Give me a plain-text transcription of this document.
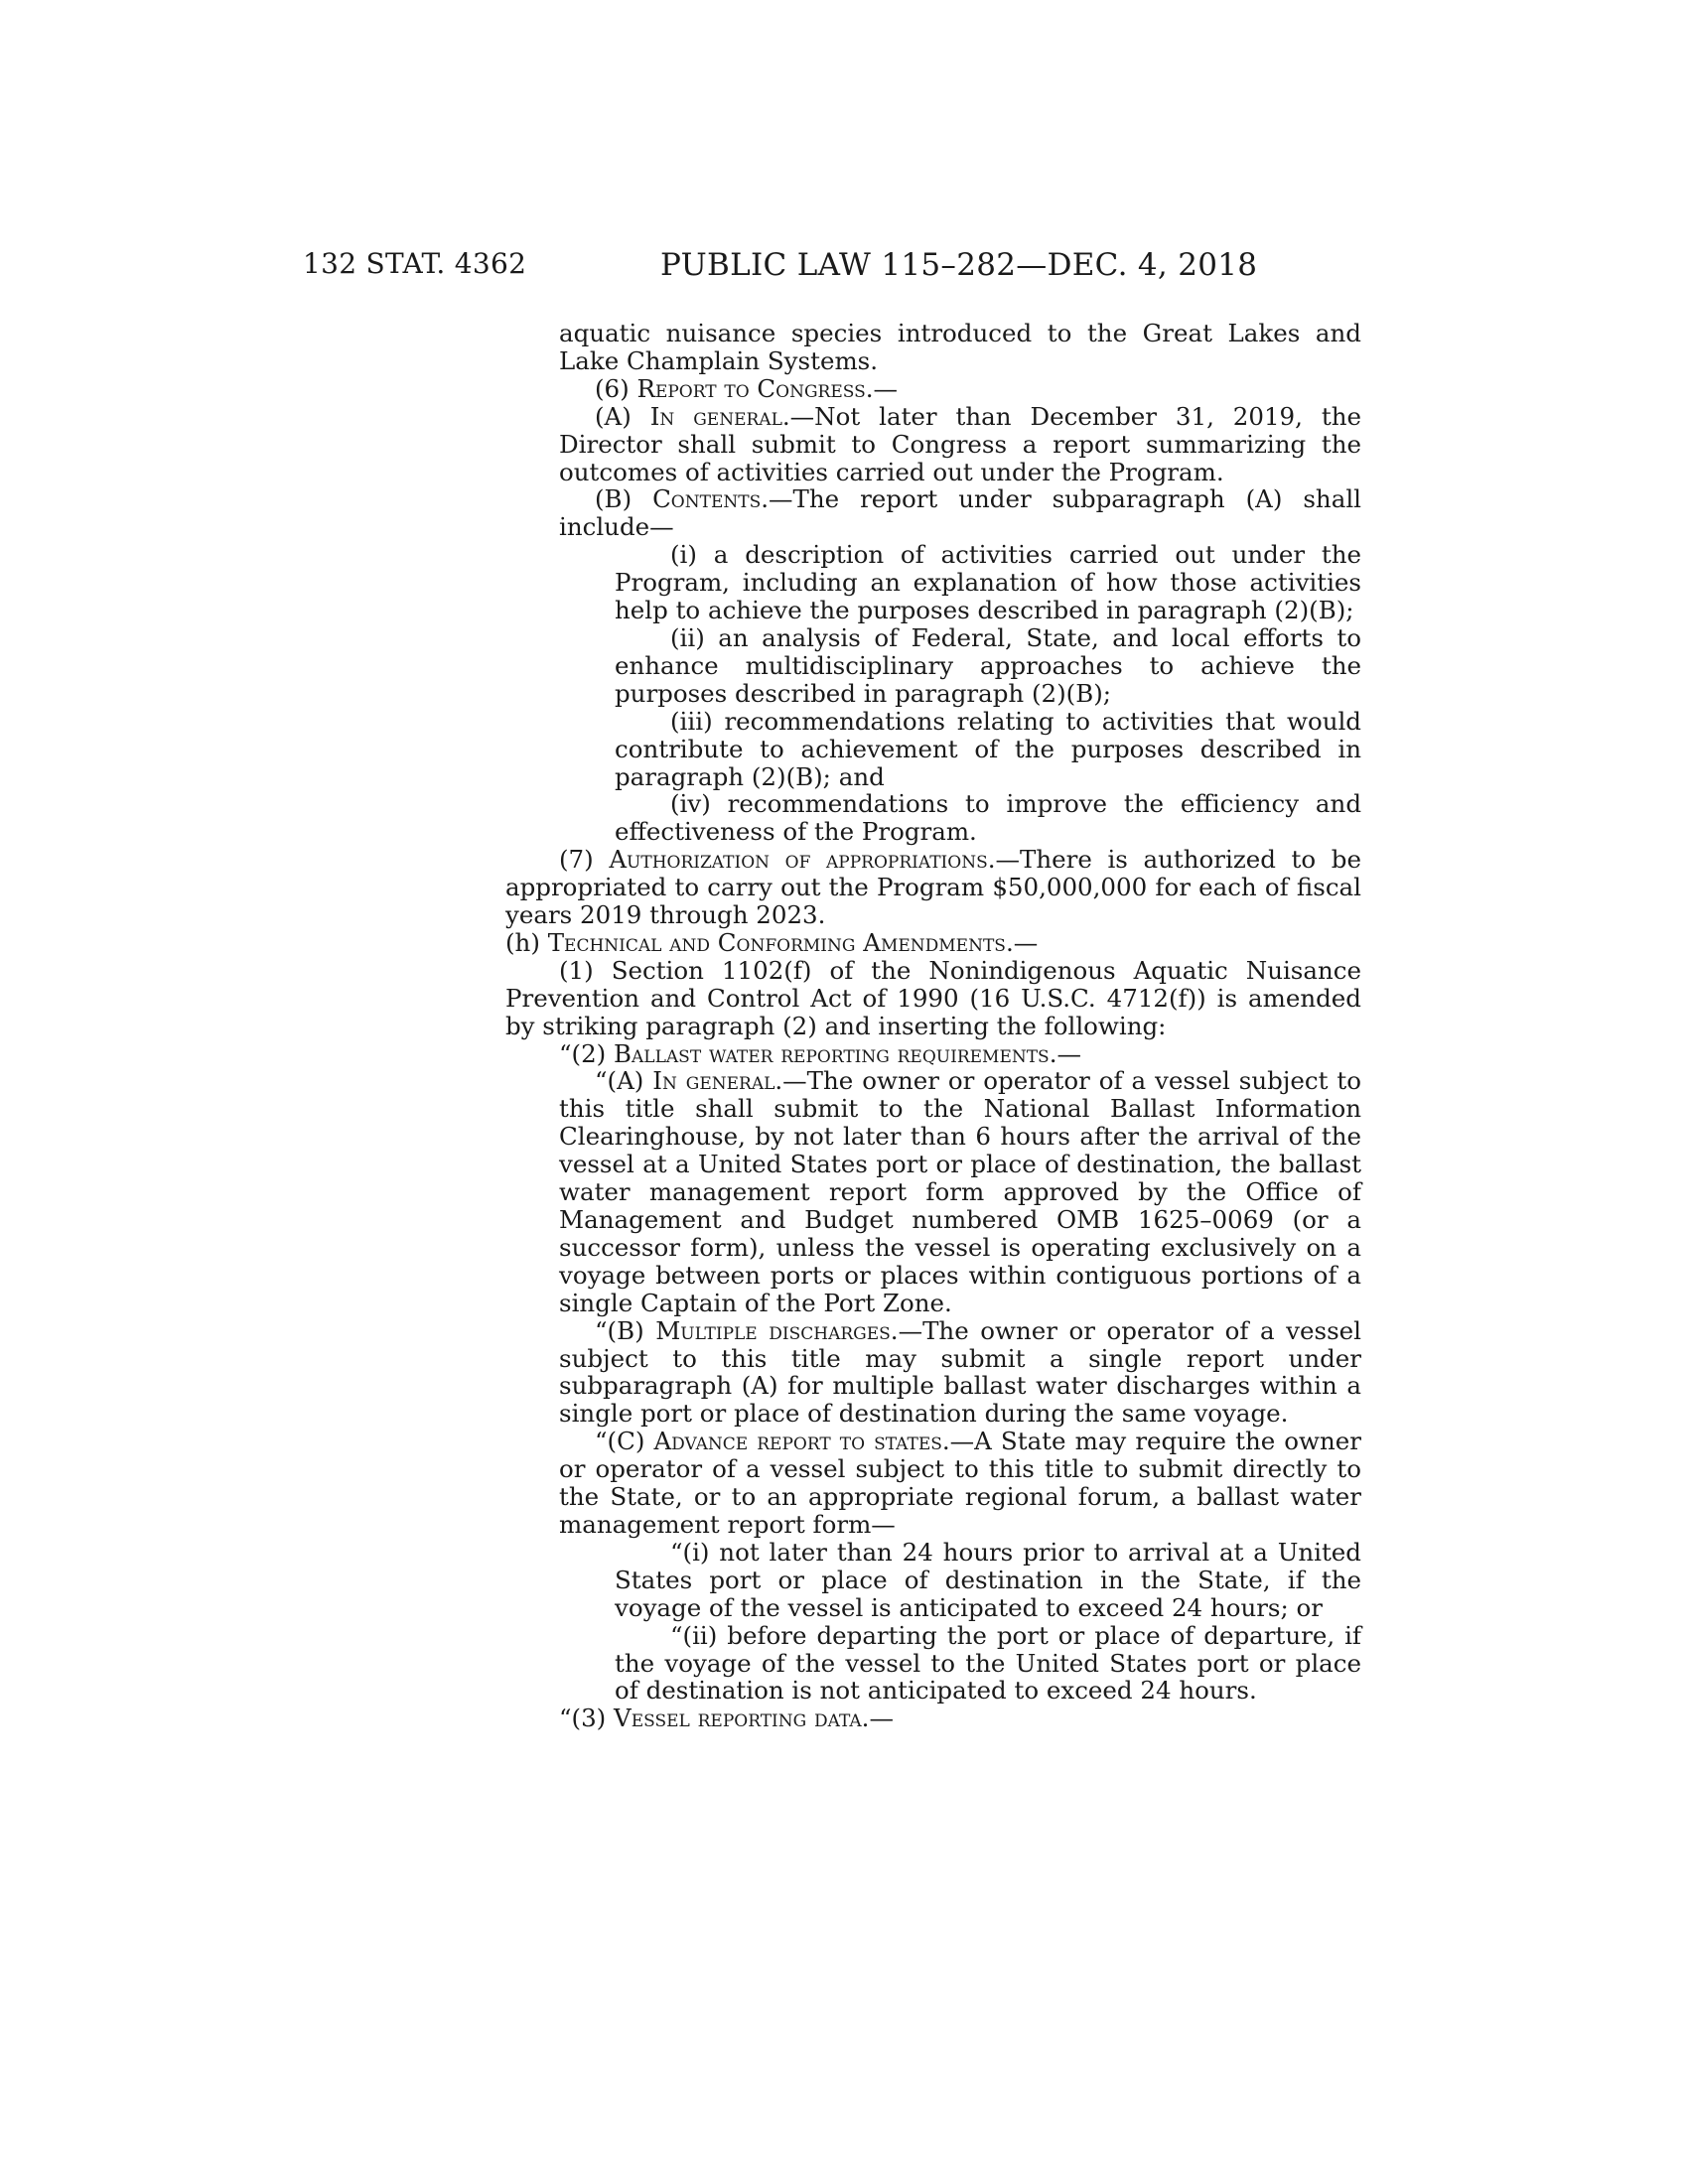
132 STAT. 4362	PUBLIC LAW 115–282—DEC. 4, 2018
aquatic nuisance species introduced to the Great Lakes and Lake Champlain Systems.
(6) Report to Congress.—
(A) In general.—Not later than December 31, 2019, the Director shall submit to Congress a report summarizing the outcomes of activities carried out under the Program.
(B) Contents.—The report under subparagraph (A) shall include—
(i) a description of activities carried out under the Program, including an explanation of how those activities help to achieve the purposes described in paragraph (2)(B);
(ii) an analysis of Federal, State, and local efforts to enhance multidisciplinary approaches to achieve the purposes described in paragraph (2)(B);
(iii) recommendations relating to activities that would contribute to achievement of the purposes described in paragraph (2)(B); and
(iv) recommendations to improve the efficiency and effectiveness of the Program.
(7) Authorization of appropriations.—There is authorized to be appropriated to carry out the Program $50,000,000 for each of fiscal years 2019 through 2023.
(h) Technical and Conforming Amendments.—
(1) Section 1102(f) of the Nonindigenous Aquatic Nuisance Prevention and Control Act of 1990 (16 U.S.C. 4712(f)) is amended by striking paragraph (2) and inserting the following:
“(2) Ballast water reporting requirements.—
“(A) In general.—The owner or operator of a vessel subject to this title shall submit to the National Ballast Information Clearinghouse, by not later than 6 hours after the arrival of the vessel at a United States port or place of destination, the ballast water management report form approved by the Office of Management and Budget numbered OMB 1625–0069 (or a successor form), unless the vessel is operating exclusively on a voyage between ports or places within contiguous portions of a single Captain of the Port Zone.
“(B) Multiple discharges.—The owner or operator of a vessel subject to this title may submit a single report under subparagraph (A) for multiple ballast water discharges within a single port or place of destination during the same voyage.
“(C) Advance report to states.—A State may require the owner or operator of a vessel subject to this title to submit directly to the State, or to an appropriate regional forum, a ballast water management report form—
“(i) not later than 24 hours prior to arrival at a United States port or place of destination in the State, if the voyage of the vessel is anticipated to exceed 24 hours; or
“(ii) before departing the port or place of departure, if the voyage of the vessel to the United States port or place of destination is not anticipated to exceed 24 hours.
“(3) Vessel reporting data.—
